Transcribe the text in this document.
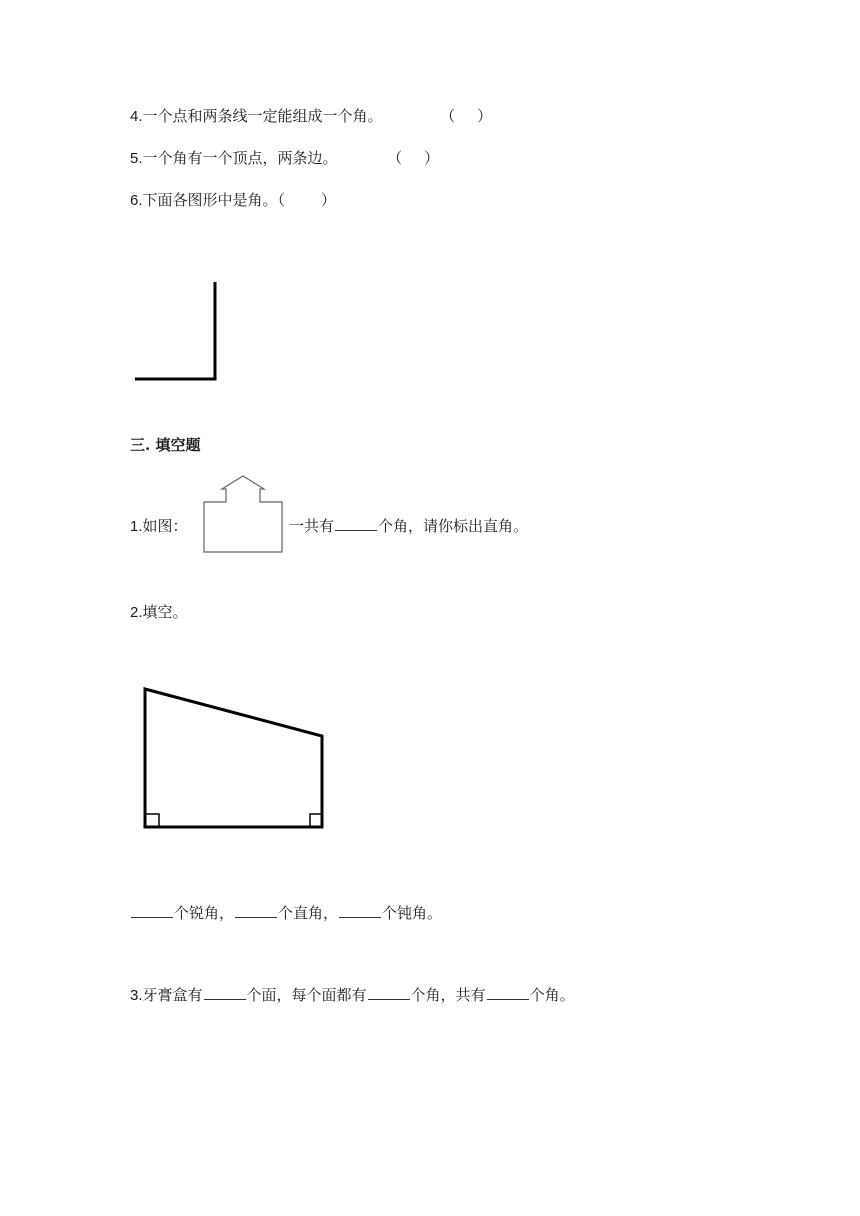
4.一个点和两条线一定能组成一个角。	（ ）
5.一个角有一个顶点，两条边。	（ ）
6.下面各图形中是角。（ ）
三. 填空题
1.如图：	一共有	个角，请你标出直角。
2.填空。
个锐角，	个直角，	个钝角。
3.牙膏盒有	个面，每个面都有	个角，共有	个角。
